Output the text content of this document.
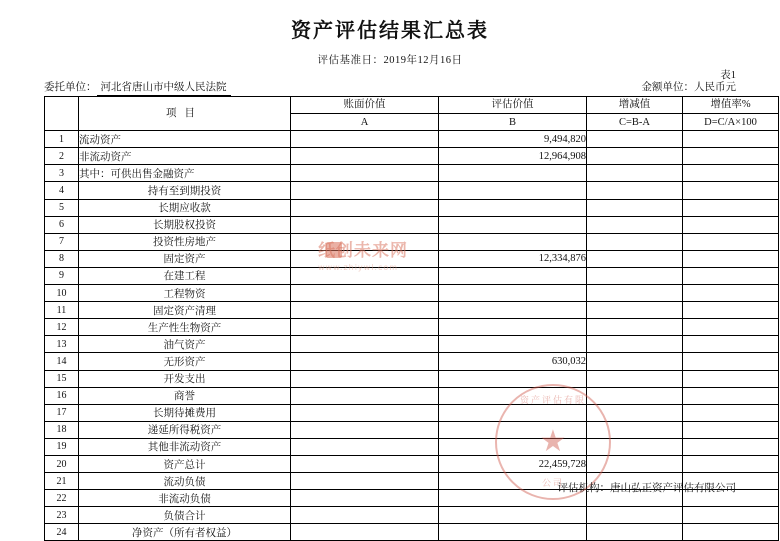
资产评估结果汇总表
评估基准日：2019年12月16日
表1
委托单位： 河北省唐山市中级人民法院	金额单位：人民币元
	项目	账面价值	评估价值	增减值	增值率%

		A	B	C=B-A	D=C/A×100
1	流动资产		9,494,820		
2	非流动资产		12,964,908		
3	其中：可供出售金融资产				
4	持有至到期投资				
5	长期应收款				
6	长期股权投资				
7	投资性房地产				
8	固定资产		12,334,876		
9	在建工程				
10	工程物资				
11	固定资产清理				
12	生产性生物资产				
13	油气资产				
14	无形资产		630,032		
15	开发支出				
16	商誉				
17	长期待摊费用				
18	递延所得税资产				
19	其他非流动资产				
20	资产总计		22,459,728		
21	流动负债				
22	非流动负债				
23	负债合计				
24	净资产（所有者权益）				
纸创未来网
www.zhiywl.com
资产评估有限
★
公司
评估机构：唐山弘正资产评估有限公司
